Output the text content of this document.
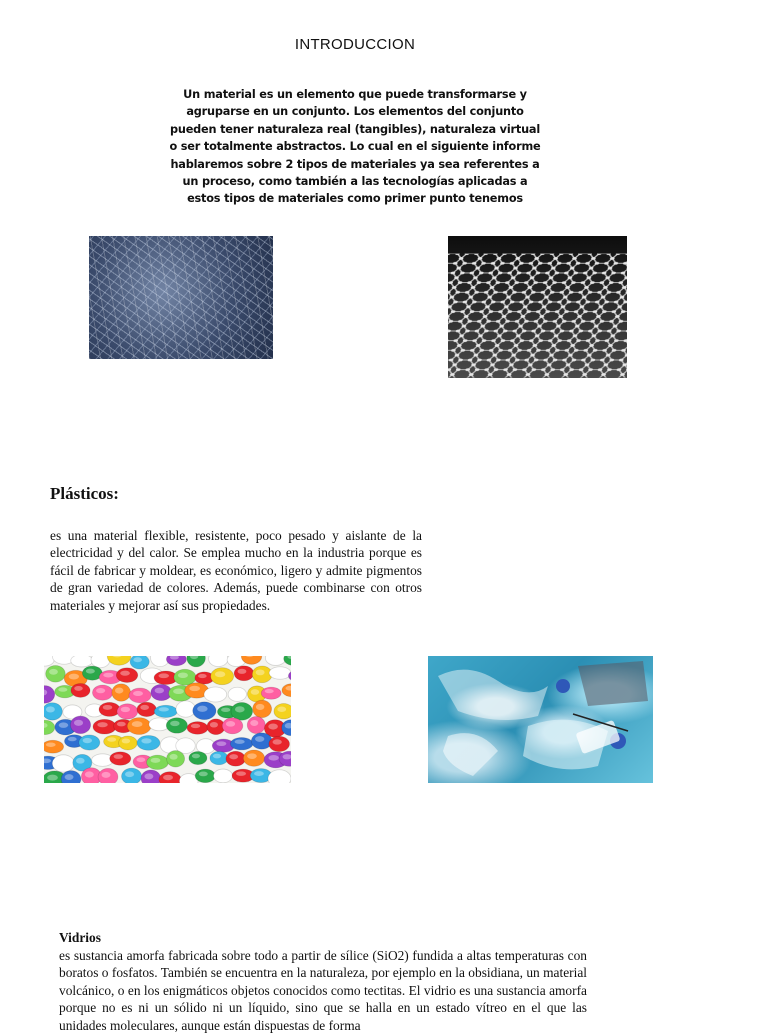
INTRODUCCION
Un material es un elemento que puede transformarse y agruparse en un conjunto. Los elementos del conjunto pueden tener naturaleza real (tangibles), naturaleza virtual o ser totalmente abstractos. Lo cual en el siguiente informe hablaremos sobre 2 tipos de materiales ya sea referentes a un proceso, como también a las tecnologías aplicadas a estos tipos de materiales como primer punto tenemos
Plásticos:
es una material flexible, resistente, poco pesado y aislante de la electricidad y del calor. Se emplea mucho en la industria porque es fácil de fabricar y moldear, es económico, ligero y admite pigmentos de gran variedad de colores. Además, puede combinarse con otros materiales y mejorar así sus propiedades.
Vidrios
es sustancia amorfa fabricada sobre todo a partir de sílice (SiO2) fundida a altas temperaturas con boratos o fosfatos. También se encuentra en la naturaleza, por ejemplo en la obsidiana, un material volcánico, o en los enigmáticos objetos conocidos como tectitas. El vidrio es una sustancia amorfa porque no es ni un sólido ni un líquido, sino que se halla en un estado vítreo en el que las unidades moleculares, aunque están dispuestas de forma
